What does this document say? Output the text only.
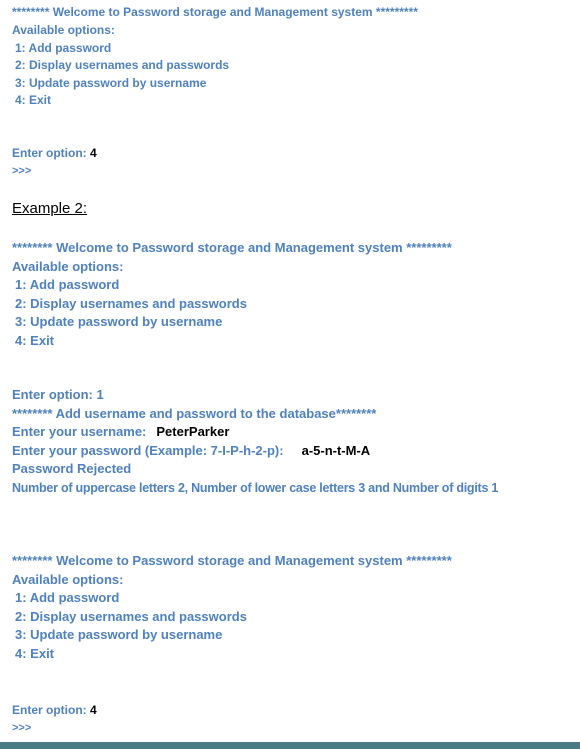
******** Welcome to Password storage and Management system *********
Available options:
1: Add password
2: Display usernames and passwords
3: Update password by username
4: Exit
Enter option: 4
>>>
Example 2:
******** Welcome to Password storage and Management system *********
Available options:
1: Add password
2: Display usernames and passwords
3: Update password by username
4: Exit
Enter option: 1
******** Add username and password to the database********
Enter your username: PeterParker
Enter your password (Example: 7-I-P-h-2-p): a-5-n-t-M-A
Password Rejected
Number of uppercase letters 2, Number of lower case letters 3 and Number of digits 1
******** Welcome to Password storage and Management system *********
Available options:
1: Add password
2: Display usernames and passwords
3: Update password by username
4: Exit
Enter option: 4
>>>
